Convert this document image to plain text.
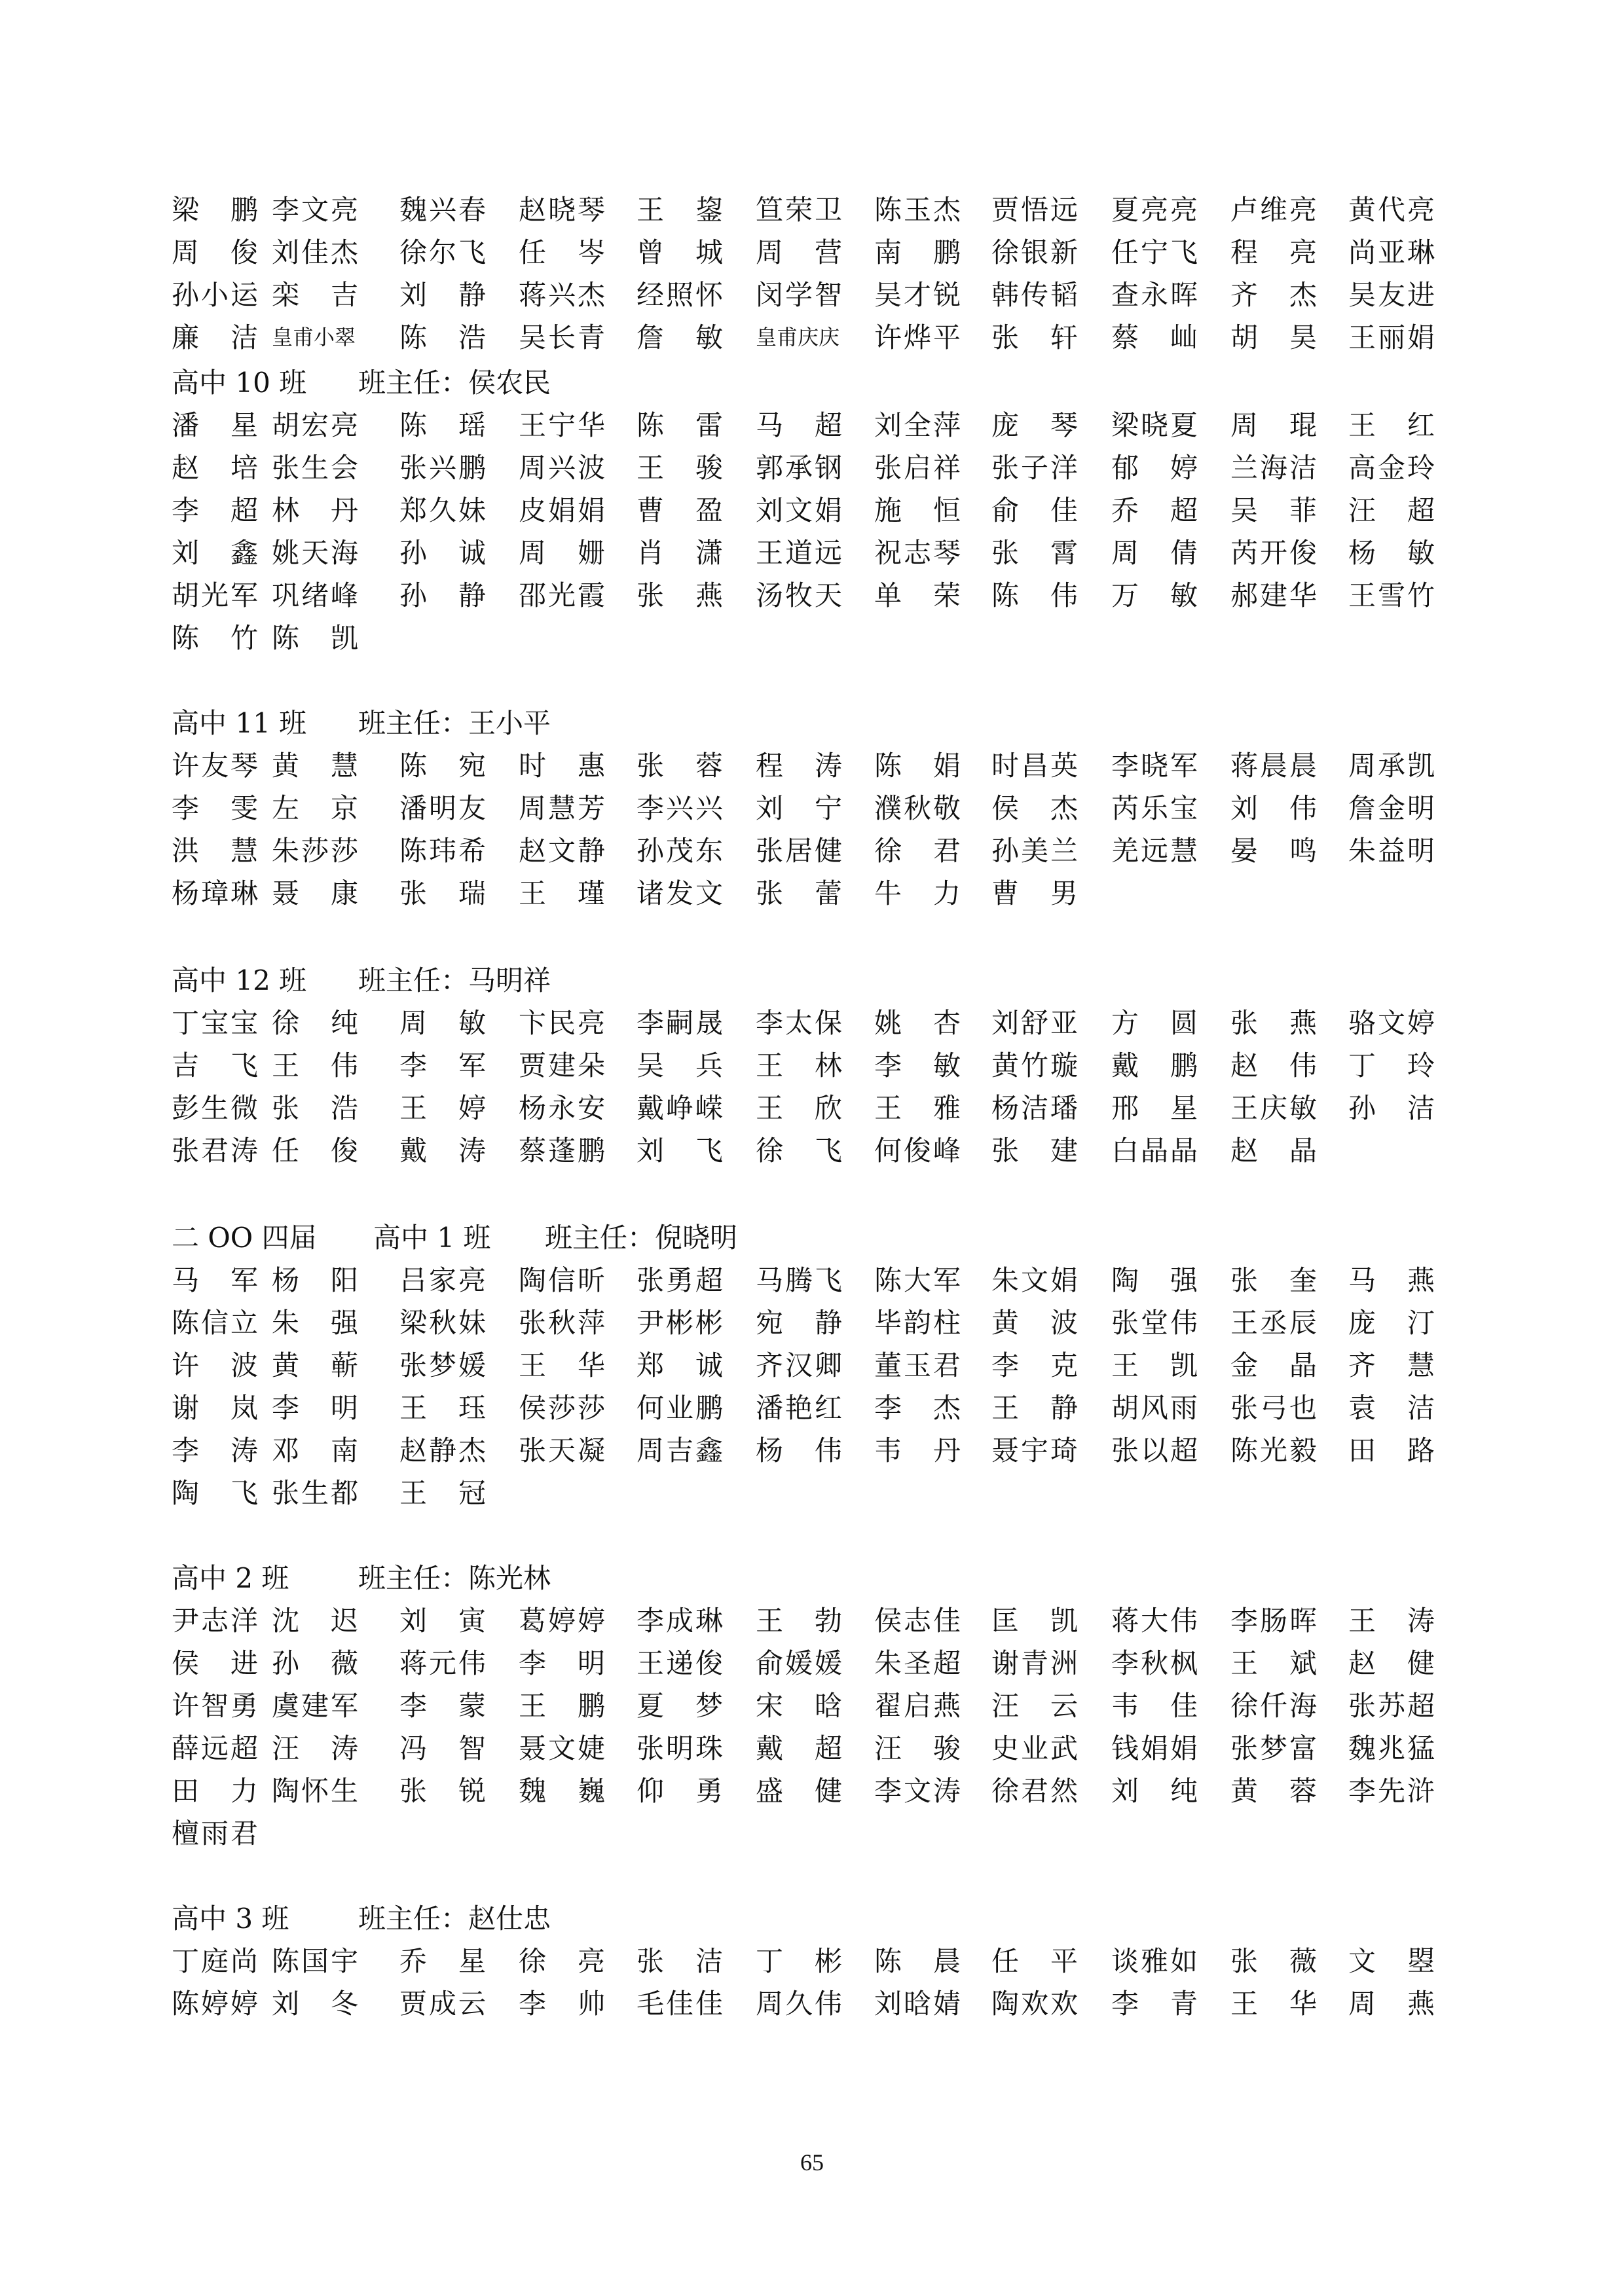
梁　鹏 李文亮 魏兴春 赵晓琴 王　鋆 笪荣卫 陈玉杰 贾悟远 夏亮亮 卢维亮 黄代亮
周　俊 刘佳杰 徐尔飞 任　岑 曾　城 周　营 南　鹏 徐银新 任宁飞 程　亮 尚亚琳
孙小运 栾　吉 刘　静 蒋兴杰 经照怀 闵学智 吴才锐 韩传韬 查永晖 齐　杰 吴友进
廉　洁 皇甫小翠	陈　浩 吴长青 詹　敏 皇甫庆庆	许烨平 张　轩 蔡　屾 胡　昊 王丽娟
高中 10 班 班主任：侯农民
潘　星 胡宏亮 陈　瑶 王宁华 陈　雷 马　超 刘全萍 庞　琴 梁晓夏 周　琨 王　红
赵　培 张生会 张兴鹏 周兴波 王　骏 郭承钢 张启祥 张子洋 郁　婷 兰海洁 高金玲
李　超 林　丹 郑久妹 皮娟娟 曹　盈 刘文娟 施　恒 俞　佳 乔　超 吴　菲 汪　超
刘　鑫 姚天海 孙　诚 周　姗 肖　潇 王道远 祝志琴 张　霄 周　倩 芮开俊 杨　敏
胡光军 巩绪峰 孙　静 邵光霞 张　燕 汤牧天 单　荣 陈　伟 万　敏 郝建华 王雪竹
陈　竹 陈　凯
高中 11 班 班主任：王小平
许友琴 黄　慧 陈　宛 时　惠 张　蓉 程　涛 陈　娟 时昌英 李晓军 蒋晨晨 周承凯
李　雯 左　京 潘明友 周慧芳 李兴兴 刘　宁 濮秋敬 侯　杰 芮乐宝 刘　伟 詹金明
洪　慧 朱莎莎 陈玮希 赵文静 孙茂东 张居健 徐　君 孙美兰 羌远慧 晏　鸣 朱益明
杨璋琳 聂　康 张　瑞 王　瑾 诸发文 张　蕾 牛　力 曹　男
高中 12 班 班主任：马明祥
丁宝宝 徐　纯 周　敏 卞民亮 李嗣晟 李太保 姚　杏 刘舒亚 方　圆 张　燕 骆文婷
吉　飞 王　伟 李　军 贾建朵 吴　兵 王　林 李　敏 黄竹璇 戴　鹏 赵　伟 丁　玲
彭生微 张　浩 王　婷 杨永安 戴峥嵘 王　欣 王　雅 杨洁璠 邢　星 王庆敏 孙　洁
张君涛 任　俊 戴　涛 蔡蓬鹏 刘　飞 徐　飞 何俊峰 张　建 白晶晶 赵　晶
二 OO 四届 高中 1 班 班主任：倪晓明
马　军 杨　阳 吕家亮 陶信昕 张勇超 马腾飞 陈大军 朱文娟 陶　强 张　奎 马　燕
陈信立 朱　强 梁秋妹 张秋萍 尹彬彬 宛　静 毕韵柱 黄　波 张堂伟 王丞辰 庞　汀
许　波 黄　蕲 张梦媛 王　华 郑　诚 齐汉卿 董玉君 李　克 王　凯 金　晶 齐　慧
谢　岚 李　明 王　珏 侯莎莎 何业鹏 潘艳红 李　杰 王　静 胡风雨 张弓也 袁　洁
李　涛 邓　南 赵静杰 张天凝 周吉鑫 杨　伟 韦　丹 聂宇琦 张以超 陈光毅 田　路
陶　飞 张生都 王　冠
高中 2 班	班主任：陈光林
尹志洋 沈　迟 刘　寅 葛婷婷 李成琳 王　勃 侯志佳 匡　凯 蒋大伟 李肠晖 王　涛
侯　进 孙　薇 蒋元伟 李　明 王递俊 俞媛媛 朱圣超 谢青洲 李秋枫 王　斌 赵　健
许智勇 虞建军 李　蒙 王　鹏 夏　梦 宋　晗 翟启燕 汪　云 韦　佳 徐仟海 张苏超
薛远超 汪　涛 冯　智 聂文婕 张明珠 戴　超 汪　骏 史业武 钱娟娟 张梦富 魏兆猛
田　力 陶怀生 张　锐 魏　巍 仰　勇 盛　健 李文涛 徐君然 刘　纯 黄　蓉 李先浒
檀雨君
高中 3 班	班主任：赵仕忠
丁庭尚 陈国宇 乔　星 徐　亮 张　洁 丁　彬 陈　晨 任　平 谈雅如 张　薇 文　曌
陈婷婷 刘　冬 贾成云 李　帅 毛佳佳 周久伟 刘晗婧 陶欢欢 李　青 王　华 周　燕
65
